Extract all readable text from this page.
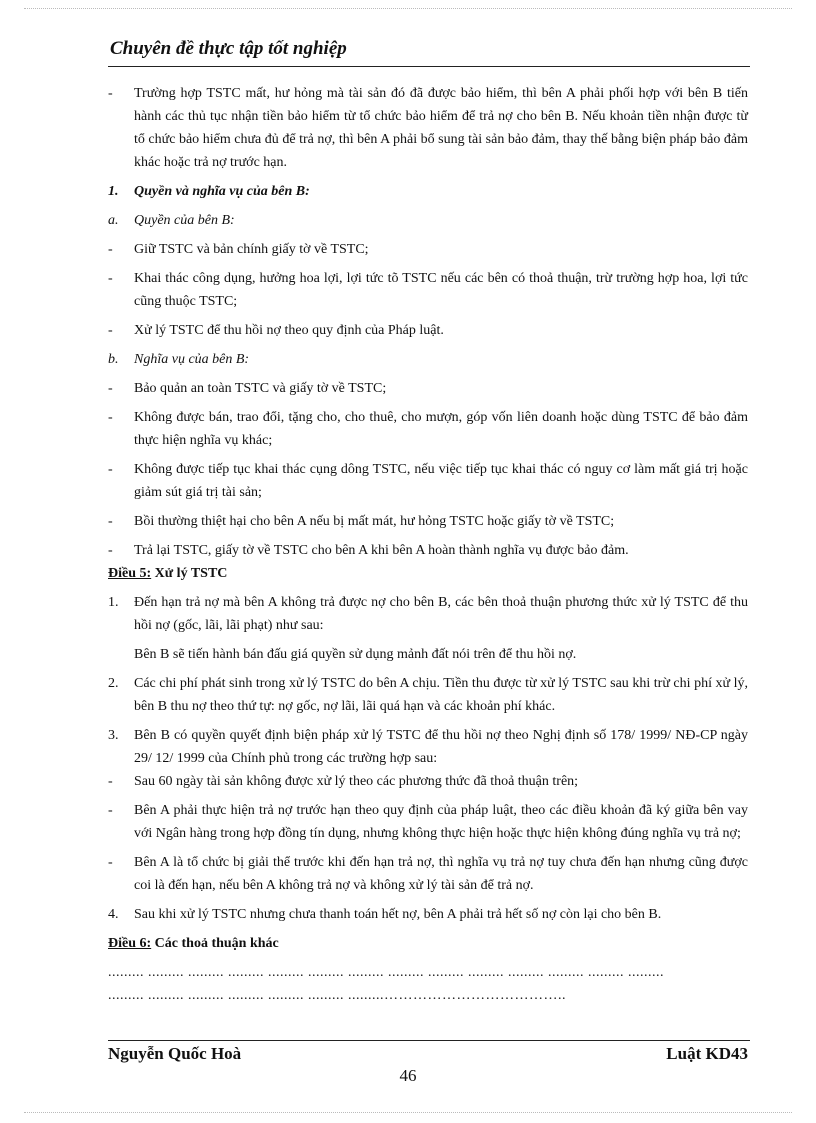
Chuyên đề thực tập tốt nghiệp
-	Trường hợp TSTC mất, hư hỏng mà tài sản đó đã được bảo hiểm, thì bên A phải phối hợp với bên B tiến hành các thủ tục nhận tiền bảo hiểm từ tổ chức bảo hiểm để trả nợ cho bên B. Nếu khoản tiền nhận được từ tổ chức bảo hiểm chưa đủ để trả nợ, thì bên A phải bổ sung tài sản bảo đảm, thay thế bằng biện pháp bảo đảm khác hoặc trả nợ trước hạn.
1.	Quyền và nghĩa vụ của bên B:
a.	Quyền của bên B:
-	Giữ TSTC và bản chính giấy tờ về TSTC;
-	Khai thác công dụng, hưởng hoa lợi, lợi tức tõ TSTC nếu các bên có thoả thuận, trừ trường hợp hoa, lợi tức cũng thuộc TSTC;
-	Xử lý TSTC để thu hồi nợ theo quy định của Pháp luật.
b.	Nghĩa vụ của bên B:
-	Bảo quản an toàn TSTC và giấy tờ về TSTC;
-	Không được bán, trao đổi, tặng cho, cho thuê, cho mượn, góp vốn liên doanh hoặc dùng TSTC để bảo đảm thực hiện nghĩa vụ khác;
-	Không được tiếp tục khai thác cụng dông TSTC, nếu việc tiếp tục khai thác có nguy cơ làm mất giá trị hoặc giảm sút giá trị tài sản;
-	Bồi thường thiệt hại cho bên A nếu bị mất mát, hư hỏng TSTC hoặc giấy tờ về TSTC;
-	Trả lại TSTC, giấy tờ về TSTC cho bên A khi bên A hoàn thành nghĩa vụ được bảo đảm.
Điều 5: Xử lý TSTC
1.	Đến hạn trả nợ mà bên A không trả được nợ cho bên B, các bên thoả thuận phương thức xử lý TSTC để thu hồi nợ (gốc, lãi, lãi phạt) như sau:
Bên B sẽ tiến hành bán đấu giá quyền sử dụng mảnh đất nói trên để thu hồi nợ.
2.	Các chi phí phát sinh trong xử lý TSTC do bên A chịu. Tiền thu được từ xử lý TSTC sau khi trừ chi phí xử lý, bên B thu nợ theo thứ tự: nợ gốc, nợ lãi, lãi quá hạn và các khoản phí khác.
3.	Bên B có quyền quyết định biện pháp xử lý TSTC để thu hồi nợ theo Nghị định số 178/ 1999/ NĐ-CP ngày 29/ 12/ 1999 của Chính phủ trong các trường hợp sau:
-	Sau 60 ngày tài sản không được xử lý theo các phương thức đã thoả thuận trên;
-	Bên A phải thực hiện trả nợ trước hạn theo quy định của pháp luật, theo các điều khoản đã ký giữa bên vay với Ngân hàng trong hợp đồng tín dụng, nhưng không thực hiện hoặc thực hiện không đúng nghĩa vụ trả nợ;
-	Bên A là tổ chức bị giải thể trước khi đến hạn trả nợ, thì nghĩa vụ trả nợ tuy chưa đến hạn nhưng cũng được coi là đến hạn, nếu bên A không trả nợ và không xử lý tài sản để trả nợ.
4.	Sau khi xử lý TSTC nhưng chưa thanh toán hết nợ, bên A phải trả hết số nợ còn lại cho bên B.
Điều 6: Các thoả thuận khác
......... ......... ......... ......... ......... ......... ......... ......... ......... ......... ......... ......... ......... .........
......... ......... ......... ......... ......... ......... .........………………………………..
Nguyễn Quốc Hoà	Luật KD43
46
